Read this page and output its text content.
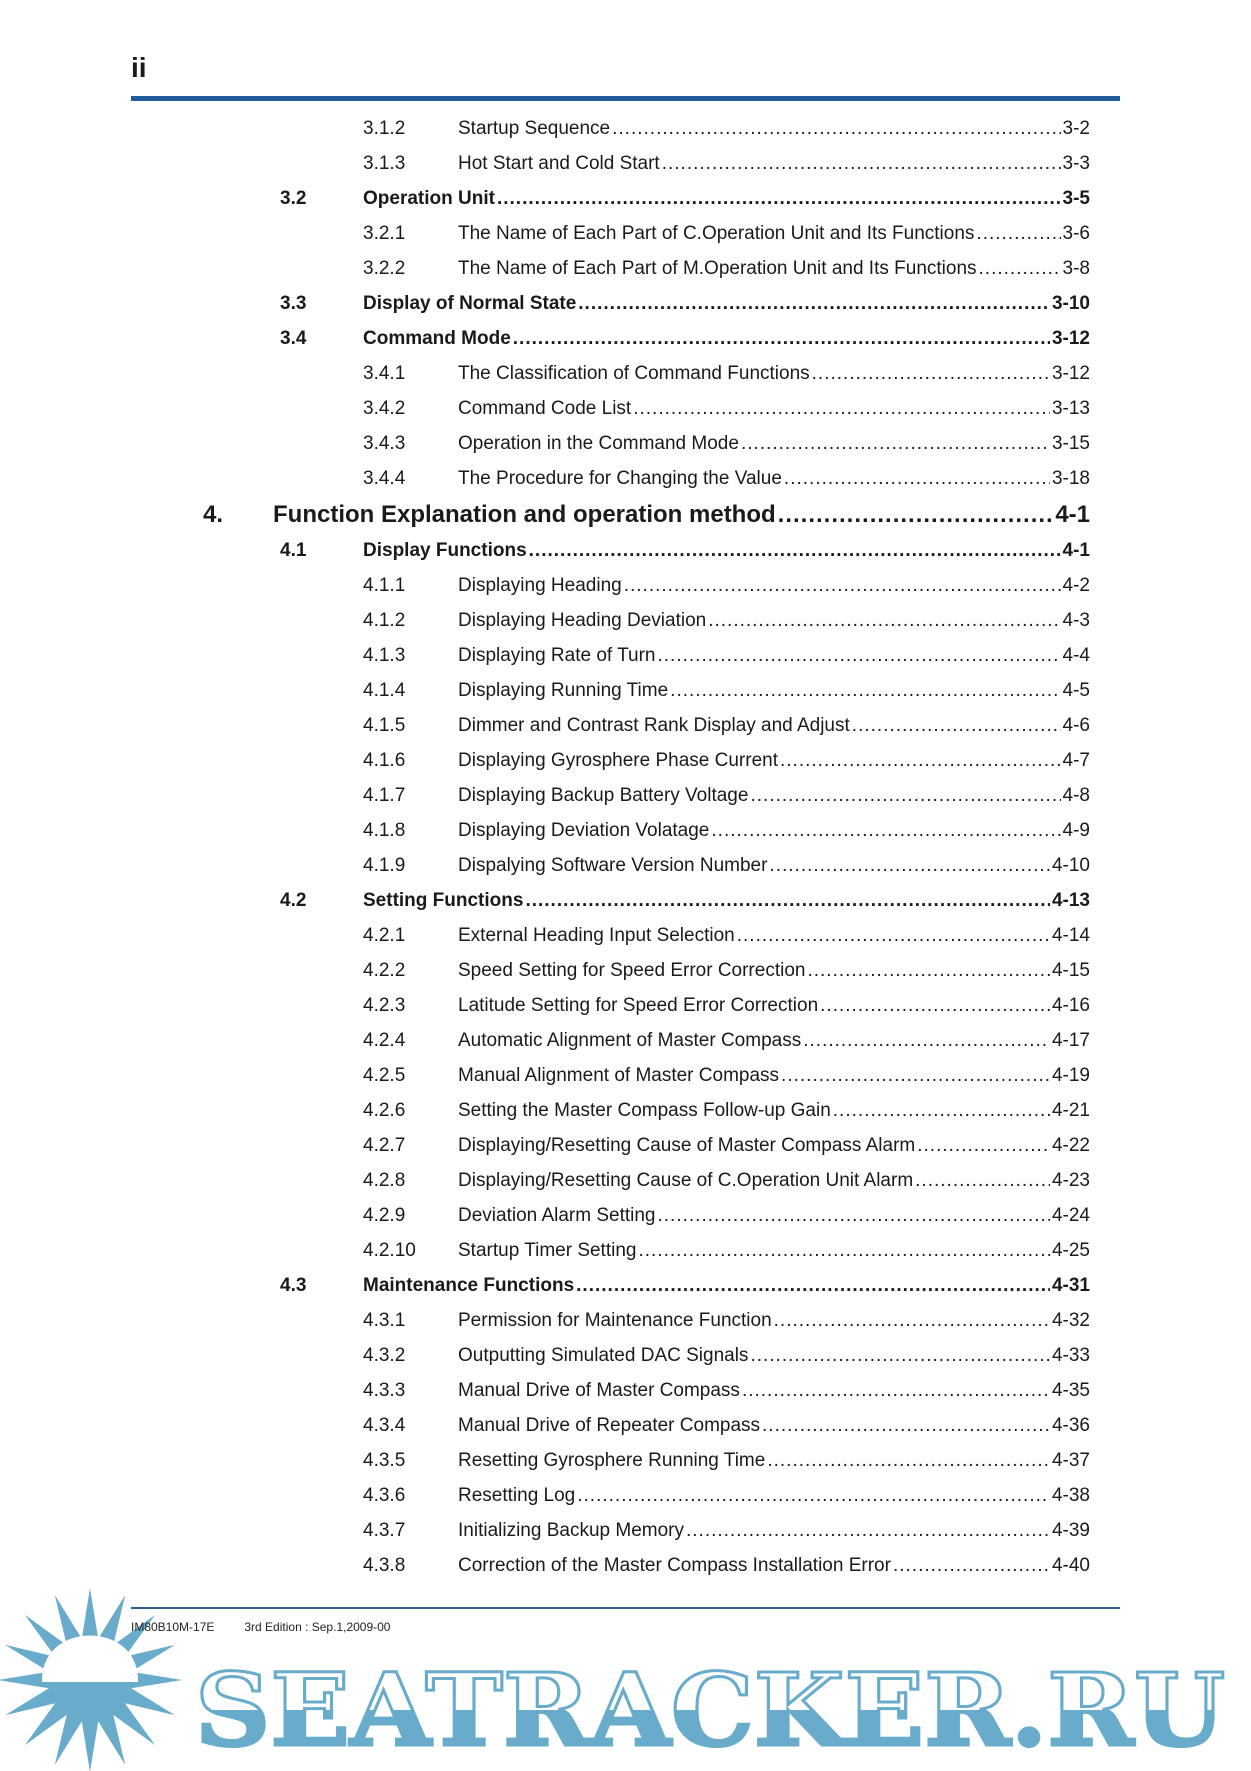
ii
3.1.2	Startup Sequence .....	3-2
3.1.3	Hot Start and Cold Start .....	3-3
3.2	Operation Unit .....	3-5
3.2.1	The Name of Each Part of C.Operation Unit and Its Functions .....	3-6
3.2.2	The Name of Each Part of M.Operation Unit and Its Functions .....	3-8
3.3	Display of Normal State .....	3-10
3.4	Command Mode .....	3-12
3.4.1	The Classification of Command Functions .....	3-12
3.4.2	Command Code List .....	3-13
3.4.3	Operation in the Command Mode .....	3-15
3.4.4	The Procedure for Changing the Value .....	3-18
4. Function Explanation and operation method .....	4-1
4.1	Display Functions .....	4-1
4.1.1	Displaying Heading .....	4-2
4.1.2	Displaying Heading Deviation .....	4-3
4.1.3	Displaying Rate of Turn .....	4-4
4.1.4	Displaying Running Time .....	4-5
4.1.5	Dimmer and Contrast Rank Display and Adjust .....	4-6
4.1.6	Displaying Gyrosphere Phase Current .....	4-7
4.1.7	Displaying Backup Battery Voltage .....	4-8
4.1.8	Displaying Deviation Volatage .....	4-9
4.1.9	Dispalying Software Version Number .....	4-10
4.2	Setting Functions .....	4-13
4.2.1	External Heading Input Selection .....	4-14
4.2.2	Speed Setting for Speed Error Correction .....	4-15
4.2.3	Latitude Setting for Speed Error Correction .....	4-16
4.2.4	Automatic Alignment of Master Compass .....	4-17
4.2.5	Manual Alignment of Master Compass .....	4-19
4.2.6	Setting the Master Compass Follow-up Gain .....	4-21
4.2.7	Displaying/Resetting Cause of Master Compass Alarm .....	4-22
4.2.8	Displaying/Resetting Cause of C.Operation Unit Alarm .....	4-23
4.2.9	Deviation Alarm Setting .....	4-24
4.2.10 Startup Timer Setting .....	4-25
4.3	Maintenance Functions .....	4-31
4.3.1	Permission for Maintenance Function .....	4-32
4.3.2	Outputting Simulated DAC Signals .....	4-33
4.3.3	Manual Drive of Master Compass .....	4-35
4.3.4	Manual Drive of Repeater Compass .....	4-36
4.3.5	Resetting Gyrosphere Running Time .....	4-37
4.3.6	Resetting Log .....	4-38
4.3.7	Initializing Backup Memory .....	4-39
4.3.8	Correction of the Master Compass Installation Error .....	4-40
SEATRACKER.RU
IM80B10M-17E	3rd Edition : Sep.1,2009-00
